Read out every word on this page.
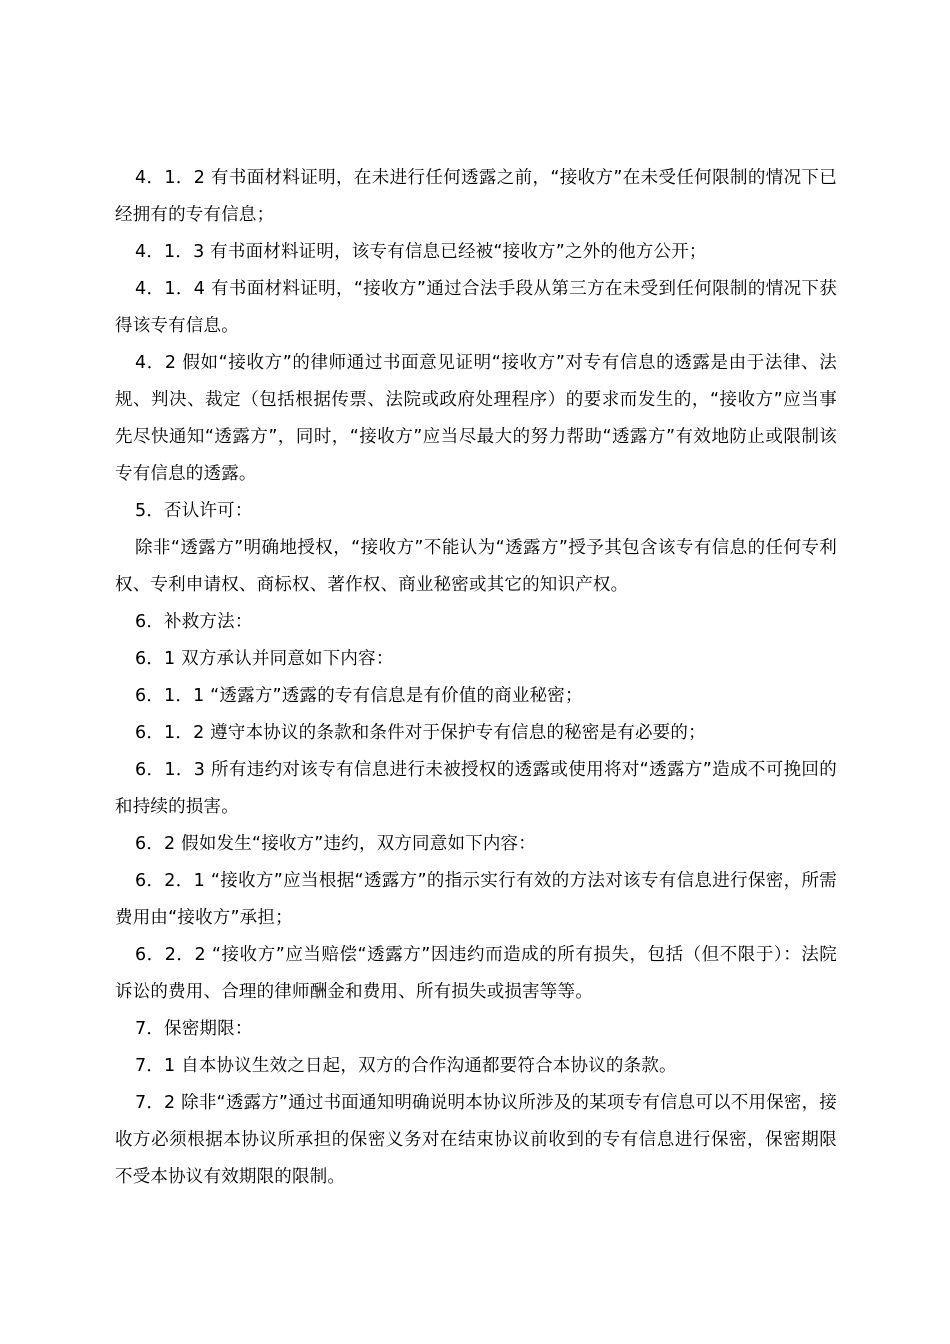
4．1．2 有书面材料证明，在未进行任何透露之前，“接收方”在未受任何限制的情况下已经拥有的专有信息；

4．1．3 有书面材料证明，该专有信息已经被“接收方”之外的他方公开；

4．1．4 有书面材料证明，“接收方”通过合法手段从第三方在未受到任何限制的情况下获得该专有信息。

4．2 假如“接收方”的律师通过书面意见证明“接收方”对专有信息的透露是由于法律、法规、判决、裁定（包括根据传票、法院或政府处理程序）的要求而发生的，“接收方”应当事先尽快通知“透露方”，同时，“接收方”应当尽最大的努力帮助“透露方”有效地防止或限制该专有信息的透露。

5．否认许可：

除非“透露方”明确地授权，“接收方”不能认为“透露方”授予其包含该专有信息的任何专利权、专利申请权、商标权、著作权、商业秘密或其它的知识产权。

6．补救方法：

6．1 双方承认并同意如下内容：

6．1．1 “透露方”透露的专有信息是有价值的商业秘密；

6．1．2 遵守本协议的条款和条件对于保护专有信息的秘密是有必要的；

6．1．3 所有违约对该专有信息进行未被授权的透露或使用将对“透露方”造成不可挽回的和持续的损害。

6．2 假如发生“接收方”违约，双方同意如下内容：

6．2．1 “接收方”应当根据“透露方”的指示实行有效的方法对该专有信息进行保密，所需费用由“接收方”承担；

6．2．2 “接收方”应当赔偿“透露方”因违约而造成的所有损失，包括（但不限于）：法院诉讼的费用、合理的律师酬金和费用、所有损失或损害等等。

7．保密期限：

7．1 自本协议生效之日起，双方的合作沟通都要符合本协议的条款。

7．2 除非“透露方”通过书面通知明确说明本协议所涉及的某项专有信息可以不用保密，接收方必须根据本协议所承担的保密义务对在结束协议前收到的专有信息进行保密，保密期限不受本协议有效期限的限制。
